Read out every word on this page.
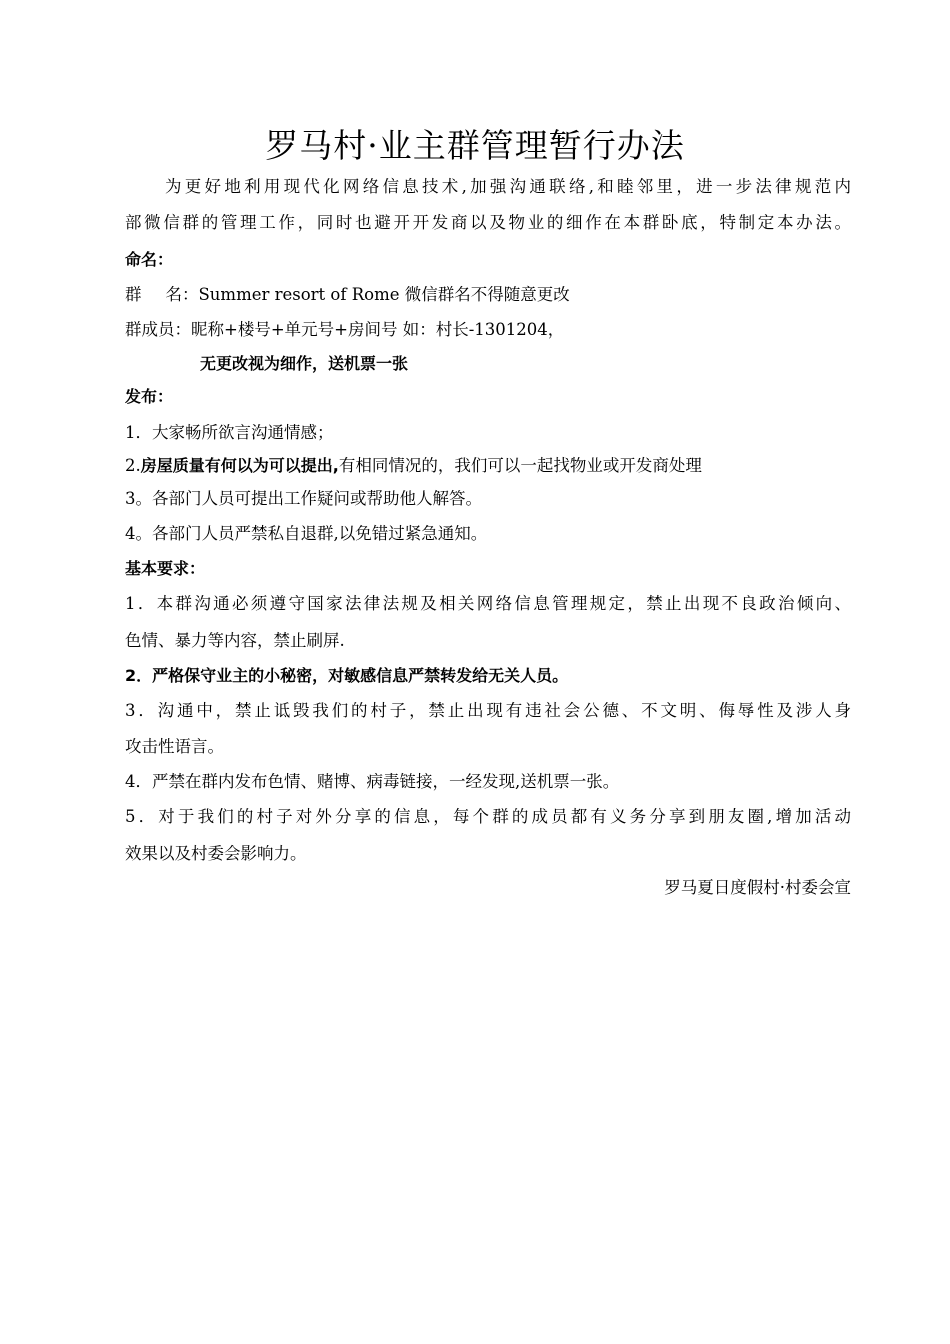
罗马村·业主群管理暂行办法
为更好地利用现代化网络信息技术,加强沟通联络,和睦邻里，进一步法律规范内
部微信群的管理工作，同时也避开开发商以及物业的细作在本群卧底，特制定本办法。
命名：
群 名：Summer resort of Rome 微信群名不得随意更改
群成员：昵称+楼号+单元号+房间号 如：村长-1301204，
无更改视为细作，送机票一张
发布：
1．大家畅所欲言沟通情感；
2.房屋质量有何以为可以提出,有相同情况的，我们可以一起找物业或开发商处理
3。各部门人员可提出工作疑问或帮助他人解答。
4。各部门人员严禁私自退群,以免错过紧急通知。
基本要求：
1．本群沟通必须遵守国家法律法规及相关网络信息管理规定，禁止出现不良政治倾向、
色情、暴力等内容，禁止刷屏.
2．严格保守业主的小秘密，对敏感信息严禁转发给无关人员。
3．沟通中，禁止诋毁我们的村子，禁止出现有违社会公德、不文明、侮辱性及涉人身
攻击性语言。
4．严禁在群内发布色情、赌博、病毒链接，一经发现,送机票一张。
5．对于我们的村子对外分享的信息，每个群的成员都有义务分享到朋友圈,增加活动
效果以及村委会影响力。
罗马夏日度假村·村委会宣
